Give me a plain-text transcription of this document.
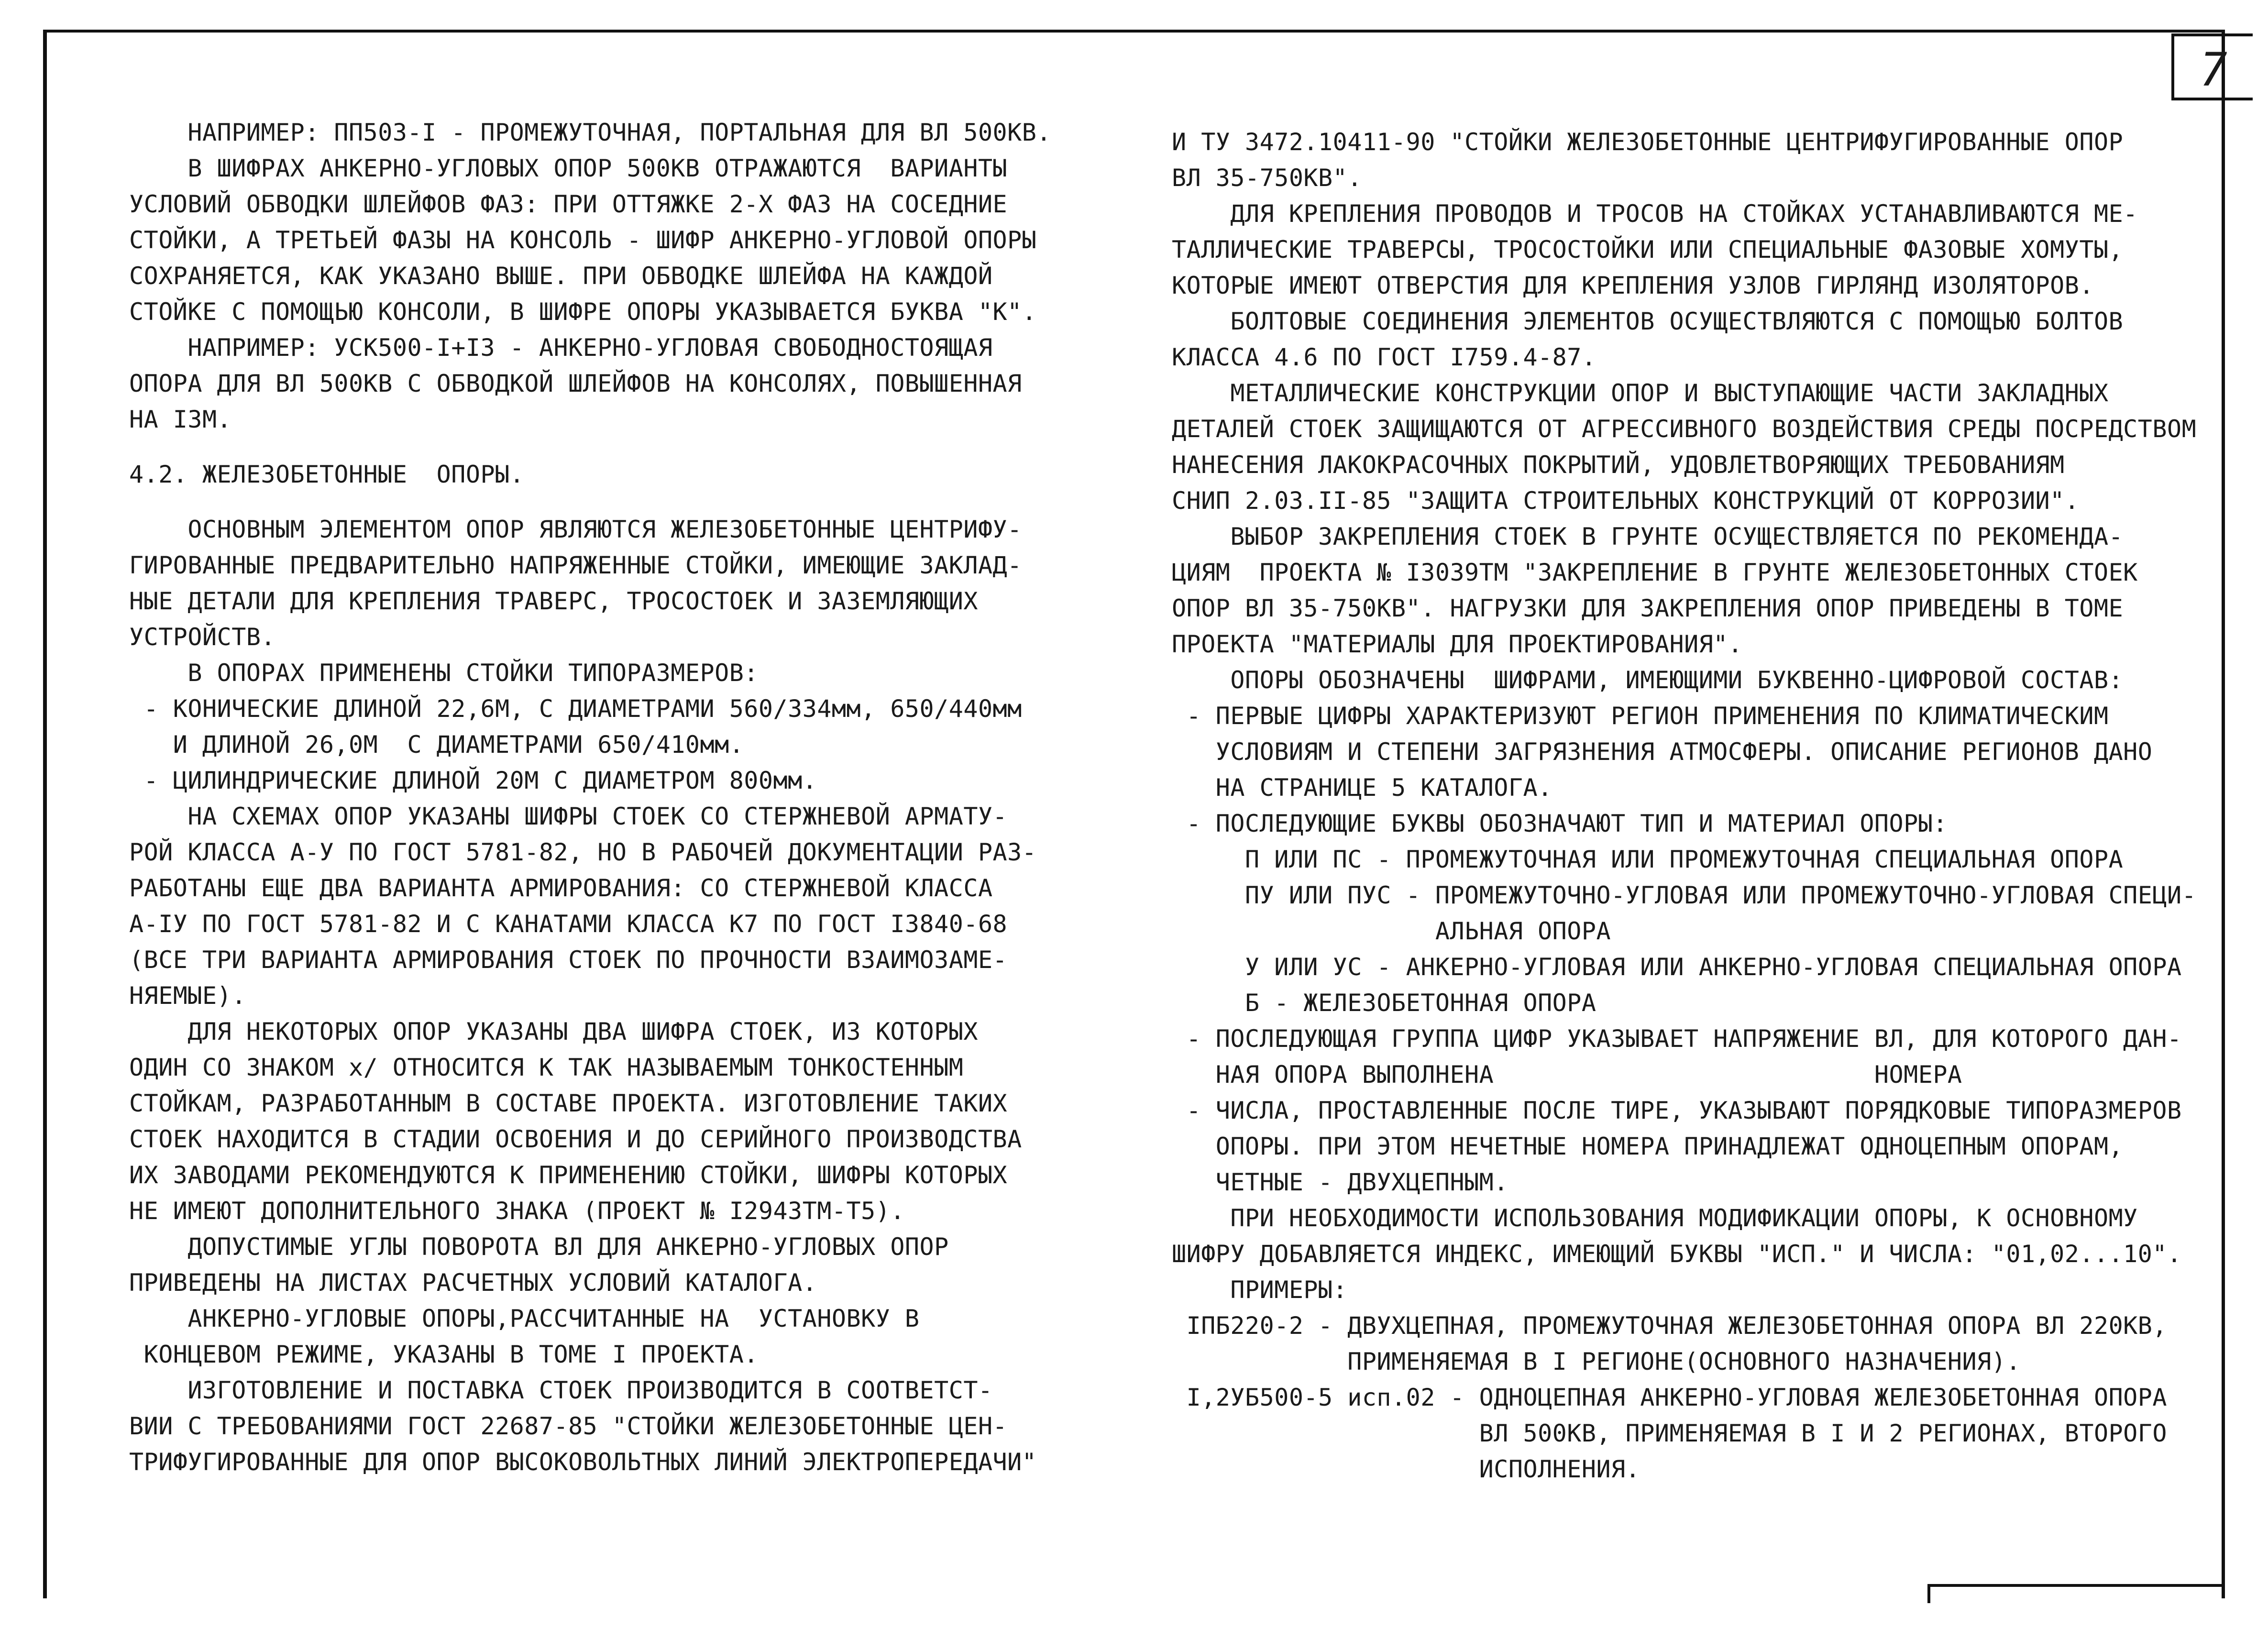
7
НАПРИМЕР: ПП503-I - ПРОМЕЖУТОЧНАЯ, ПОРТАЛЬНАЯ ДЛЯ ВЛ 500КВ.
В ШИФРАХ АНКЕРНО-УГЛОВЫХ ОПОР 500КВ ОТРАЖАЮТСЯ  ВАРИАНТЫ
УСЛОВИЙ ОБВОДКИ ШЛЕЙФОВ ФАЗ: ПРИ ОТТЯЖКЕ 2-Х ФАЗ НА СОСЕДНИЕ
СТОЙКИ, А ТРЕТЬЕЙ ФАЗЫ НА КОНСОЛЬ - ШИФР АНКЕРНО-УГЛОВОЙ ОПОРЫ
СОХРАНЯЕТСЯ, КАК УКАЗАНО ВЫШЕ. ПРИ ОБВОДКЕ ШЛЕЙФА НА КАЖДОЙ
СТОЙКЕ С ПОМОЩЬЮ КОНСОЛИ, В ШИФРЕ ОПОРЫ УКАЗЫВАЕТСЯ БУКВА "К".
НАПРИМЕР: УСК500-I+I3 - АНКЕРНО-УГЛОВАЯ СВОБОДНОСТОЯЩАЯ
ОПОРА ДЛЯ ВЛ 500КВ С ОБВОДКОЙ ШЛЕЙФОВ НА КОНСОЛЯХ, ПОВЫШЕННАЯ
НА I3М.
4.2. ЖЕЛЕЗОБЕТОННЫЕ  ОПОРЫ.
ОСНОВНЫМ ЭЛЕМЕНТОМ ОПОР ЯВЛЯЮТСЯ ЖЕЛЕЗОБЕТОННЫЕ ЦЕНТРИФУ-
ГИРОВАННЫЕ ПРЕДВАРИТЕЛЬНО НАПРЯЖЕННЫЕ СТОЙКИ, ИМЕЮЩИЕ ЗАКЛАД-
НЫЕ ДЕТАЛИ ДЛЯ КРЕПЛЕНИЯ ТРАВЕРС, ТРОСОСТОЕК И ЗАЗЕМЛЯЮЩИХ
УСТРОЙСТВ.
В ОПОРАХ ПРИМЕНЕНЫ СТОЙКИ ТИПОРАЗМЕРОВ:
- КОНИЧЕСКИЕ ДЛИНОЙ 22,6М, С ДИАМЕТРАМИ 560/334мм, 650/440мм
И ДЛИНОЙ 26,0М  С ДИАМЕТРАМИ 650/410мм.
- ЦИЛИНДРИЧЕСКИЕ ДЛИНОЙ 20М С ДИАМЕТРОМ 800мм.
НА СХЕМАХ ОПОР УКАЗАНЫ ШИФРЫ СТОЕК СО СТЕРЖНЕВОЙ АРМАТУ-
РОЙ КЛАССА А-У ПО ГОСТ 5781-82, НО В РАБОЧЕЙ ДОКУМЕНТАЦИИ РАЗ-
РАБОТАНЫ ЕЩЕ ДВА ВАРИАНТА АРМИРОВАНИЯ: СО СТЕРЖНЕВОЙ КЛАССА
А-IУ ПО ГОСТ 5781-82 И С КАНАТАМИ КЛАССА К7 ПО ГОСТ I3840-68
(ВСЕ ТРИ ВАРИАНТА АРМИРОВАНИЯ СТОЕК ПО ПРОЧНОСТИ ВЗАИМОЗАМЕ-
НЯЕМЫЕ).
ДЛЯ НЕКОТОРЫХ ОПОР УКАЗАНЫ ДВА ШИФРА СТОЕК, ИЗ КОТОРЫХ
ОДИН СО ЗНАКОМ х/ ОТНОСИТСЯ К ТАК НАЗЫВАЕМЫМ ТОНКОСТЕННЫМ
СТОЙКАМ, РАЗРАБОТАННЫМ В СОСТАВЕ ПРОЕКТА. ИЗГОТОВЛЕНИЕ ТАКИХ
СТОЕК НАХОДИТСЯ В СТАДИИ ОСВОЕНИЯ И ДО СЕРИЙНОГО ПРОИЗВОДСТВА
ИХ ЗАВОДАМИ РЕКОМЕНДУЮТСЯ К ПРИМЕНЕНИЮ СТОЙКИ, ШИФРЫ КОТОРЫХ
НЕ ИМЕЮТ ДОПОЛНИТЕЛЬНОГО ЗНАКА (ПРОЕКТ № I2943ТМ-Т5).
ДОПУСТИМЫЕ УГЛЫ ПОВОРОТА ВЛ ДЛЯ АНКЕРНО-УГЛОВЫХ ОПОР
ПРИВЕДЕНЫ НА ЛИСТАХ РАСЧЕТНЫХ УСЛОВИЙ КАТАЛОГА.
АНКЕРНО-УГЛОВЫЕ ОПОРЫ,РАССЧИТАННЫЕ НА  УСТАНОВКУ В
КОНЦЕВОМ РЕЖИМЕ, УКАЗАНЫ В ТОМЕ I ПРОЕКТА.
ИЗГОТОВЛЕНИЕ И ПОСТАВКА СТОЕК ПРОИЗВОДИТСЯ В СООТВЕТСТ-
ВИИ С ТРЕБОВАНИЯМИ ГОСТ 22687-85 "СТОЙКИ ЖЕЛЕЗОБЕТОННЫЕ ЦЕН-
ТРИФУГИРОВАННЫЕ ДЛЯ ОПОР ВЫСОКОВОЛЬТНЫХ ЛИНИЙ ЭЛЕКТРОПЕРЕДАЧИ"
И ТУ 3472.10411-90 "СТОЙКИ ЖЕЛЕЗОБЕТОННЫЕ ЦЕНТРИФУГИРОВАННЫЕ ОПОР
ВЛ 35-750КВ".
ДЛЯ КРЕПЛЕНИЯ ПРОВОДОВ И ТРОСОВ НА СТОЙКАХ УСТАНАВЛИВАЮТСЯ МЕ-
ТАЛЛИЧЕСКИЕ ТРАВЕРСЫ, ТРОСОСТОЙКИ ИЛИ СПЕЦИАЛЬНЫЕ ФАЗОВЫЕ ХОМУТЫ,
КОТОРЫЕ ИМЕЮТ ОТВЕРСТИЯ ДЛЯ КРЕПЛЕНИЯ УЗЛОВ ГИРЛЯНД ИЗОЛЯТОРОВ.
БОЛТОВЫЕ СОЕДИНЕНИЯ ЭЛЕМЕНТОВ ОСУЩЕСТВЛЯЮТСЯ С ПОМОЩЬЮ БОЛТОВ
КЛАССА 4.6 ПО ГОСТ I759.4-87.
МЕТАЛЛИЧЕСКИЕ КОНСТРУКЦИИ ОПОР И ВЫСТУПАЮЩИЕ ЧАСТИ ЗАКЛАДНЫХ
ДЕТАЛЕЙ СТОЕК ЗАЩИЩАЮТСЯ ОТ АГРЕССИВНОГО ВОЗДЕЙСТВИЯ СРЕДЫ ПОСРЕДСТВОМ
НАНЕСЕНИЯ ЛАКОКРАСОЧНЫХ ПОКРЫТИЙ, УДОВЛЕТВОРЯЮЩИХ ТРЕБОВАНИЯМ
СНИП 2.03.II-85 "ЗАЩИТА СТРОИТЕЛЬНЫХ КОНСТРУКЦИЙ ОТ КОРРОЗИИ".
ВЫБОР ЗАКРЕПЛЕНИЯ СТОЕК В ГРУНТЕ ОСУЩЕСТВЛЯЕТСЯ ПО РЕКОМЕНДА-
ЦИЯМ  ПРОЕКТА № I3039ТМ "ЗАКРЕПЛЕНИЕ В ГРУНТЕ ЖЕЛЕЗОБЕТОННЫХ СТОЕК
ОПОР ВЛ 35-750КВ". НАГРУЗКИ ДЛЯ ЗАКРЕПЛЕНИЯ ОПОР ПРИВЕДЕНЫ В ТОМЕ
ПРОЕКТА "МАТЕРИАЛЫ ДЛЯ ПРОЕКТИРОВАНИЯ".
ОПОРЫ ОБОЗНАЧЕНЫ  ШИФРАМИ, ИМЕЮЩИМИ БУКВЕННО-ЦИФРОВОЙ СОСТАВ:
- ПЕРВЫЕ ЦИФРЫ ХАРАКТЕРИЗУЮТ РЕГИОН ПРИМЕНЕНИЯ ПО КЛИМАТИЧЕСКИМ
УСЛОВИЯМ И СТЕПЕНИ ЗАГРЯЗНЕНИЯ АТМОСФЕРЫ. ОПИСАНИЕ РЕГИОНОВ ДАНО
НА СТРАНИЦЕ 5 КАТАЛОГА.
- ПОСЛЕДУЮЩИЕ БУКВЫ ОБОЗНАЧАЮТ ТИП И МАТЕРИАЛ ОПОРЫ:
П ИЛИ ПС - ПРОМЕЖУТОЧНАЯ ИЛИ ПРОМЕЖУТОЧНАЯ СПЕЦИАЛЬНАЯ ОПОРА
ПУ ИЛИ ПУС - ПРОМЕЖУТОЧНО-УГЛОВАЯ ИЛИ ПРОМЕЖУТОЧНО-УГЛОВАЯ СПЕЦИ-
АЛЬНАЯ ОПОРА
У ИЛИ УС - АНКЕРНО-УГЛОВАЯ ИЛИ АНКЕРНО-УГЛОВАЯ СПЕЦИАЛЬНАЯ ОПОРА
Б - ЖЕЛЕЗОБЕТОННАЯ ОПОРА
- ПОСЛЕДУЮЩАЯ ГРУППА ЦИФР УКАЗЫВАЕТ НАПРЯЖЕНИЕ ВЛ, ДЛЯ КОТОРОГО ДАН-
НАЯ ОПОРА ВЫПОЛНЕНА                          НОМЕРА
- ЧИСЛА, ПРОСТАВЛЕННЫЕ ПОСЛЕ ТИРЕ, УКАЗЫВАЮТ ПОРЯДКОВЫЕ ТИПОРАЗМЕРОВ
ОПОРЫ. ПРИ ЭТОМ НЕЧЕТНЫЕ НОМЕРА ПРИНАДЛЕЖАТ ОДНОЦЕПНЫМ ОПОРАМ,
ЧЕТНЫЕ - ДВУХЦЕПНЫМ.
ПРИ НЕОБХОДИМОСТИ ИСПОЛЬЗОВАНИЯ МОДИФИКАЦИИ ОПОРЫ, К ОСНОВНОМУ
ШИФРУ ДОБАВЛЯЕТСЯ ИНДЕКС, ИМЕЮЩИЙ БУКВЫ "ИСП." И ЧИСЛА: "01,02...10".
ПРИМЕРЫ:
IПБ220-2 - ДВУХЦЕПНАЯ, ПРОМЕЖУТОЧНАЯ ЖЕЛЕЗОБЕТОННАЯ ОПОРА ВЛ 220КВ,
ПРИМЕНЯЕМАЯ В I РЕГИОНЕ(ОСНОВНОГО НАЗНАЧЕНИЯ).
I,2УБ500-5 исп.02 - ОДНОЦЕПНАЯ АНКЕРНО-УГЛОВАЯ ЖЕЛЕЗОБЕТОННАЯ ОПОРА
ВЛ 500КВ, ПРИМЕНЯЕМАЯ В I И 2 РЕГИОНАХ, ВТОРОГО
ИСПОЛНЕНИЯ.
